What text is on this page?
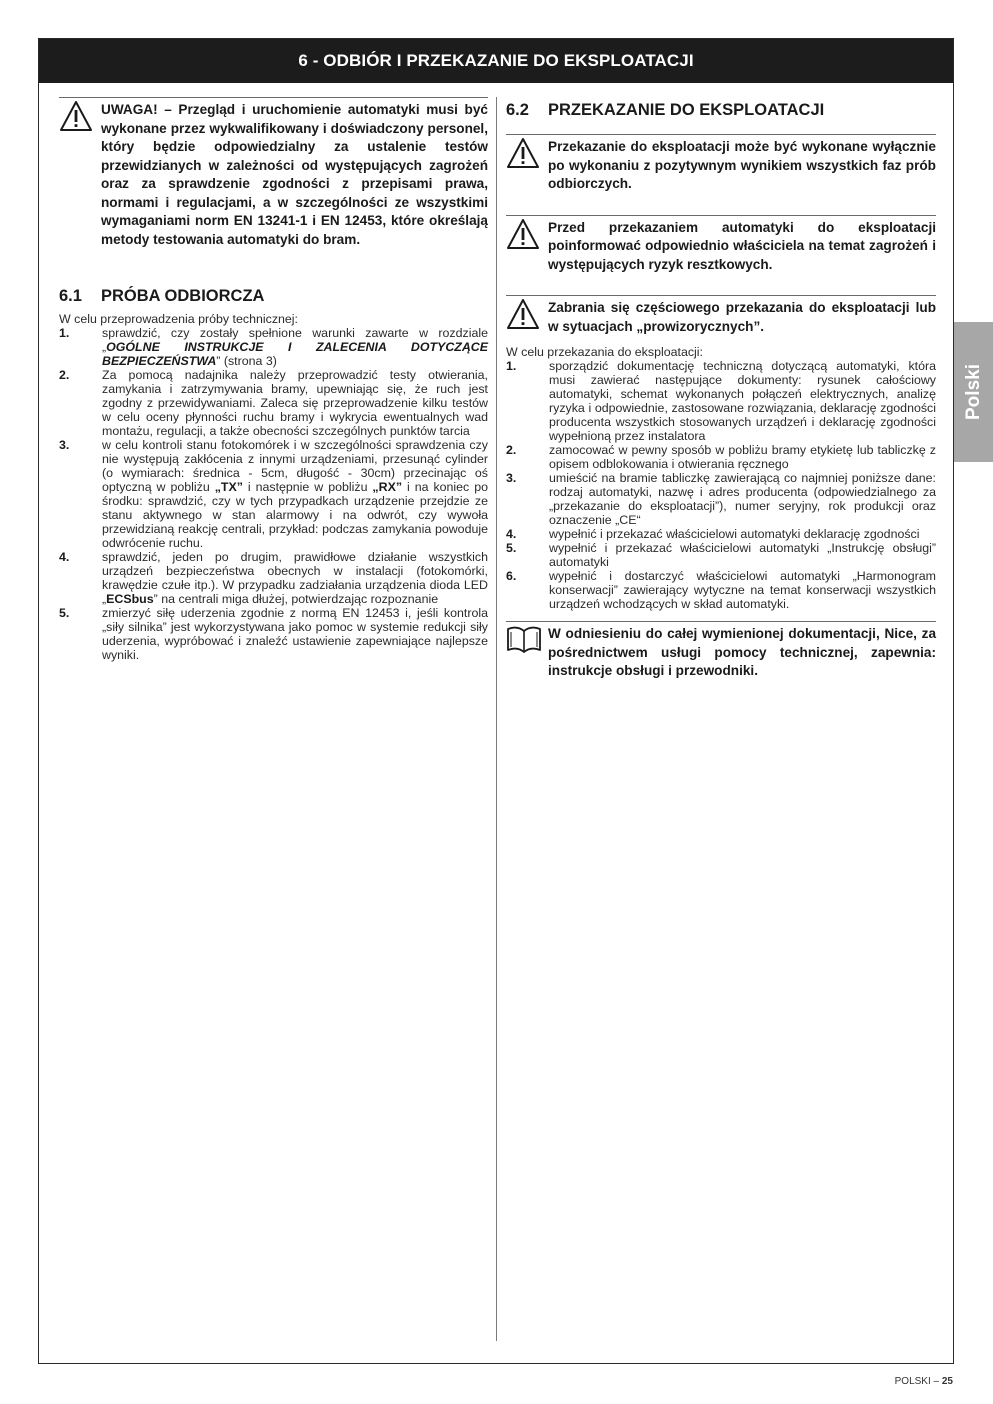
6 - ODBIÓR I PRZEKAZANIE DO EKSPLOATACJI
UWAGA! – Przegląd i uruchomienie automatyki musi być wykonane przez wykwalifikowany i doświadczony personel, który będzie odpowiedzialny za ustalenie testów przewidzianych w zależności od występujących zagrożeń oraz za sprawdzenie zgodności z przepisami prawa, normami i regulacjami, a w szczególności ze wszystkimi wymaganiami norm EN 13241-1 i EN 12453, które określają metody testowania automatyki do bram.
6.1	PRÓBA ODBIORCZA
W celu przeprowadzenia próby technicznej:
1.	sprawdzić, czy zostały spełnione warunki zawarte w rozdziale „OGÓLNE INSTRUKCJE I ZALECENIA DOTYCZĄCE BEZPIECZEŃSTWA” (strona 3)
2.	Za pomocą nadajnika należy przeprowadzić testy otwierania, zamykania i zatrzymywania bramy, upewniając się, że ruch jest zgodny z przewidywaniami. Zaleca się przeprowadzenie kilku testów w celu oceny płynności ruchu bramy i wykrycia ewentualnych wad montażu, regulacji, a także obecności szczególnych punktów tarcia
3.	w celu kontroli stanu fotokomórek i w szczególności sprawdzenia czy nie występują zakłócenia z innymi urządzeniami, przesunąć cylinder (o wymiarach: średnica - 5cm, długość - 30cm) przecinając oś optyczną w pobliżu „TX” i następnie w pobliżu „RX” i na koniec po środku: sprawdzić, czy w tych przypadkach urządzenie przejdzie ze stanu aktywnego w stan alarmowy i na odwrót, czy wywoła przewidzianą reakcję centrali, przykład: podczas zamykania powoduje odwrócenie ruchu.
4.	sprawdzić, jeden po drugim, prawidłowe działanie wszystkich urządzeń bezpieczeństwa obecnych w instalacji (fotokomórki, krawędzie czułe itp.). W przypadku zadziałania urządzenia dioda LED „ECSbus” na centrali miga dłużej, potwierdzając rozpoznanie
5.	zmierzyć siłę uderzenia zgodnie z normą EN 12453 i, jeśli kontrola „siły silnika” jest wykorzystywana jako pomoc w systemie redukcji siły uderzenia, wypróbować i znaleźć ustawienie zapewniające najlepsze wyniki.
6.2	PRZEKAZANIE DO EKSPLOATACJI
Przekazanie do eksploatacji może być wykonane wyłącznie po wykonaniu z pozytywnym wynikiem wszystkich faz prób odbiorczych.
Przed przekazaniem automatyki do eksploatacji poinformować odpowiednio właściciela na temat zagrożeń i występujących ryzyk resztkowych.
Zabrania się częściowego przekazania do eksploatacji lub w sytuacjach „prowizorycznych”.
W celu przekazania do eksploatacji:
1.	sporządzić dokumentację techniczną dotyczącą automatyki, która musi zawierać następujące dokumenty: rysunek całościowy automatyki, schemat wykonanych połączeń elektrycznych, analizę ryzyka i odpowiednie, zastosowane rozwiązania, deklarację zgodności producenta wszystkich stosowanych urządzeń i deklarację zgodności wypełnioną przez instalatora
2.	zamocować w pewny sposób w pobliżu bramy etykietę lub tabliczkę z opisem odblokowania i otwierania ręcznego
3.	umieścić na bramie tabliczkę zawierającą co najmniej poniższe dane: rodzaj automatyki, nazwę i adres producenta (odpowiedzialnego za „przekazanie do eksploatacji”), numer seryjny, rok produkcji oraz oznaczenie „CE“
4.	wypełnić i przekazać właścicielowi automatyki deklarację zgodności
5.	wypełnić i przekazać właścicielowi automatyki „Instrukcję obsługi” automatyki
6.	wypełnić i dostarczyć właścicielowi automatyki „Harmonogram konserwacji” zawierający wytyczne na temat konserwacji wszystkich urządzeń wchodzących w skład automatyki.
W odniesieniu do całej wymienionej dokumentacji, Nice, za pośrednictwem usługi pomocy technicznej, zapewnia: instrukcje obsługi i przewodniki.
Polski
POLSKI – 25
